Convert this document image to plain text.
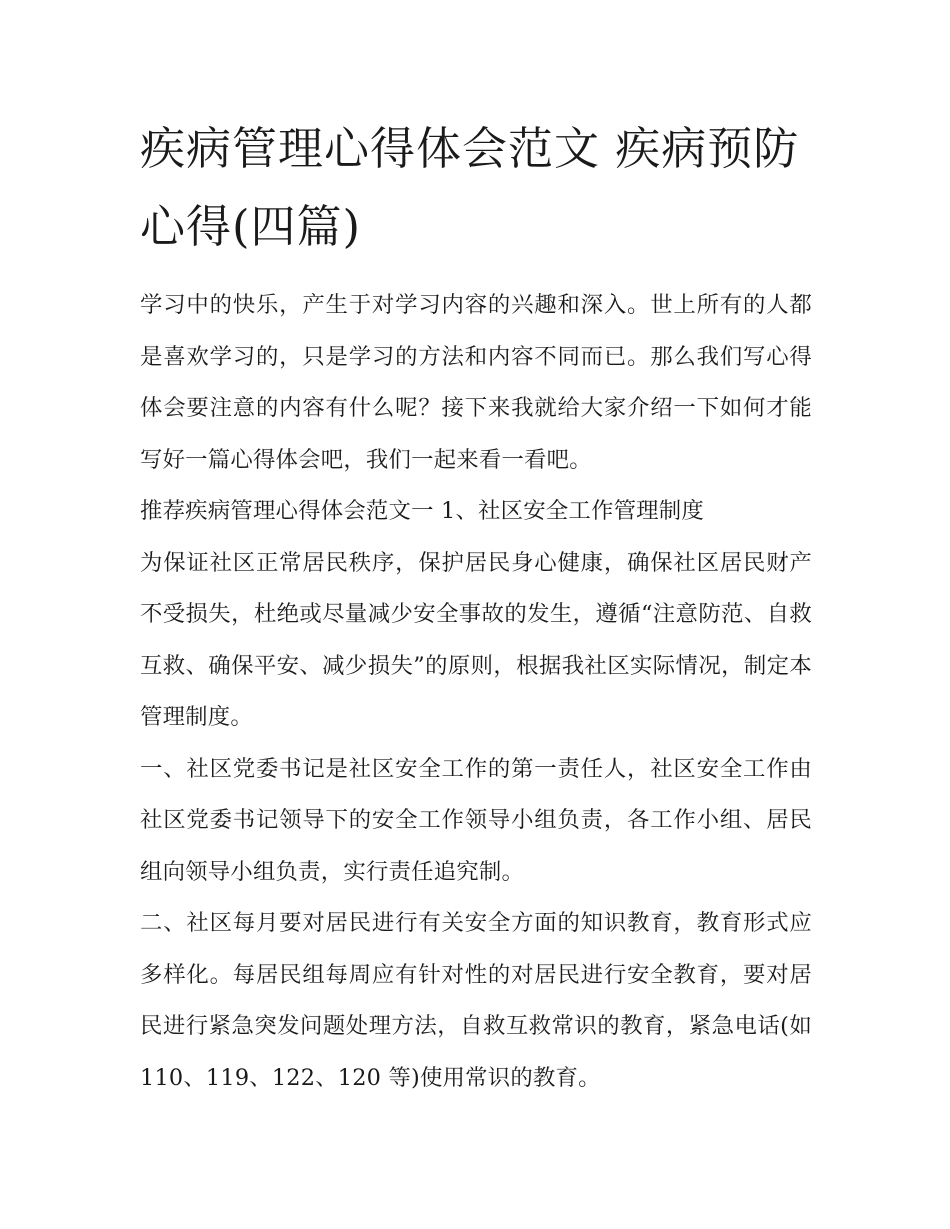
疾病管理心得体会范文 疾病预防心得(四篇)

学习中的快乐，产生于对学习内容的兴趣和深入。世上所有的人都是喜欢学习的，只是学习的方法和内容不同而已。那么我们写心得体会要注意的内容有什么呢？接下来我就给大家介绍一下如何才能写好一篇心得体会吧，我们一起来看一看吧。

推荐疾病管理心得体会范文一 1、社区安全工作管理制度

为保证社区正常居民秩序，保护居民身心健康，确保社区居民财产不受损失，杜绝或尽量减少安全事故的发生，遵循“注意防范、自救互救、确保平安、减少损失”的原则，根据我社区实际情况，制定本管理制度。

一、社区党委书记是社区安全工作的第一责任人，社区安全工作由社区党委书记领导下的安全工作领导小组负责，各工作小组、居民组向领导小组负责，实行责任追究制。

二、社区每月要对居民进行有关安全方面的知识教育，教育形式应多样化。每居民组每周应有针对性的对居民进行安全教育，要对居民进行紧急突发问题处理方法，自救互救常识的教育，紧急电话(如 110、119、122、120 等)使用常识的教育。
